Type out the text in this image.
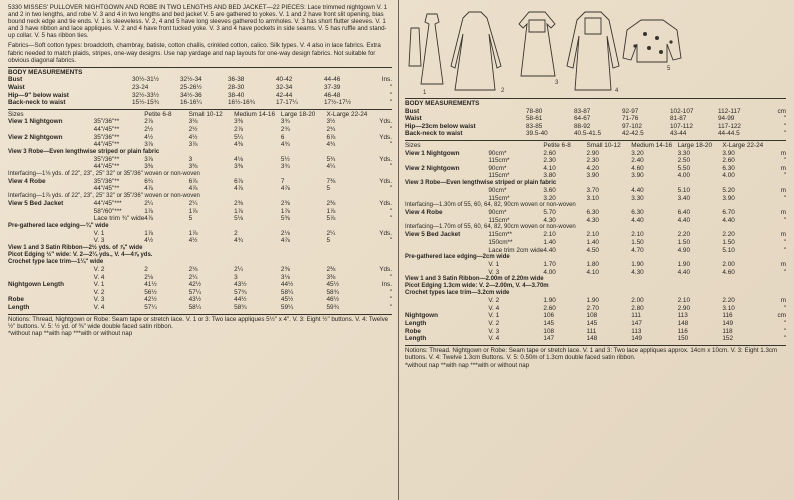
5330 MISSES' PULLOVER NIGHTGOWN AND ROBE IN TWO LENGTHS AND BED JACKET—22 PIECES: Lace trimmed nightgown V. 1 and 2 in two lengths, and robe V. 3 and 4 in two lengths and bed jacket V. 5 are gathered to yokes. V. 1 and 2 have front slit opening, bias bound neck edge and tie ends. V. 1 is sleeveless. V. 2, 4 and 5 have long sleeves gathered to armholes. V. 3 has short flutter sleeves. V. 1 and 3 have ribbon and lace appliques. V. 2 and 4 have front tucked yoke. V. 3 and 4 have pockets in side seams. V. 5 has ruffle and stand-up collar. V. 5 has ribbon ties.

Fabrics—Soft cotton types: broadcloth, chambray, batiste, cotton challis, crinkled cotton, calico. Silk types. V. 4 also in lace fabrics. Extra fabric needed to match plaids, stripes, one-way designs. Use nap yardage and nap layouts for one-way design fabrics. Not suitable for obvious diagonal fabrics.

BODY MEASUREMENTS						
Bust	30½-31½	32½-34	36-38	40-42	44-46	Ins.
Waist	23-24	25-26½	28-30	32-34	37-39	"
Hip—9" below waist	32½-33½	34½-36	38-40	42-44	46-48	"
Back-neck to waist	15½-15¾	16-16¼	16½-16¾	17-17¼	17½-17½	"
Sizes		Petite 6-8	Small 10-12	Medium 14-16	Large 18-20	X-Large 22-24	
View 1 Nightgown	35"/36"**	2⅞	3⅛	3⅜	3¾	3½	Yds.
	44"/45"**	2½	2½	2⅞	2¾	2¾	"
View 2 Nightgown	35"/36"**	4½	4½	5¼	6	6⅞	Yds.
	44"/45"**	3⅞	3⅞	4⅜	4¾	4¾	"
View 3 Robe—Even lengthwise striped or plain fabric							
	35"/36"**	3⅞	3	4⅛	5½	5¾	Yds.
	44"/45"**	3⅜	3⅜	3⅜	3¾	4¼	"
Interfacing—1⅛ yds. of 22", 23", 25" 32" or 35"/36" woven or non-woven							
View 4 Robe	35"/36"**	6¾	6⅞	6⅞	7	7⅜	Yds.
	44"/45"**	4⅞	4⅞	4⅞	4⅞	5	"
Interfacing—1⅞ yds. of 22", 23", 25" 32" or 35"/36" woven or non-woven							
View 5 Bed Jacket	44"/45"***	2¼	2¼	2⅜	2⅜	2⅜	Yds.
	58"/60"***	1⅞	1⅞	1⅞	1⅞	1⅞	"
	Lace trim ¾" wide	4⅞	5	5⅛	5⅜	5⅞	"
Pre-gathered lace edging—¾" wide							
	V. 1	1⅞	1⅞	2	2⅛	2¼	Yds.
	V. 3	4½	4½	4¾	4⅞	5	"
View 1 and 3 Satin Ribbon—2½ yds. of ⅞" wide							
Picot Edging ½" wide: V. 2—2¼ yds., V. 4—4⅞ yds.							
Crochet type lace trim—1¼" wide							
	V. 2	2	2⅛	2¼	2⅜	2⅜	Yds.
	V. 4	2⅛	2¼	3	3⅛	3⅜	"
Nightgown Length	V. 1	41½	42½	43½	44½	45½	Ins.
	V. 2	56½	57¼	57¾	58¼	58¾	"
Robe	V. 3	42½	43½	44½	45½	46½	"
Length	V. 4	57¼	58¼	58¾	59¼	59¾	"

Notions: Thread, Nightgown or Robe: Seam tape or stretch lace. V. 1 or 3: Two lace appliques 5½" x 4". V. 3: Eight ½" buttons. V. 4: Twelve ½" buttons. V. 5: ½ yd. of ⅜" wide double faced satin ribbon.

*without nap **with nap ***with or without nap

1	2
3
4
5
BODY MEASUREMENTS						
Bust	78-80	83-87	92-97	102-107	112-117	cm
Waist	58-61	64-67	71-76	81-87	94-99	"
Hip—23cm below waist	83-85	88-92	97-102	107-112	117-122	"
Back-neck to waist	39.5-40	40.5-41.5	42-42.5	43-44	44-44.5	"
Sizes		Petite 6-8	Small 10-12	Medium 14-16	Large 18-20	X-Large 22-24	
View 1 Nightgown	90cm*	2.60	2.90	3.20	3.30	3.90	m
	115cm*	2.30	2.30	2.40	2.50	2.60	"
View 2 Nightgown	90cm*	4.10	4.20	4.60	5.50	6.30	m
	115cm*	3.80	3.90	3.90	4.00	4.00	"
View 3 Robe—Even lengthwise striped or plain fabric							
	90cm*	3.60	3.70	4.40	5.10	5.20	m
	115cm*	3.20	3.10	3.30	3.40	3.90	"
Interfacing—1.30m of 55, 60, 64, 82, 90cm woven or non-woven							
View 4 Robe	90cm*	5.70	6.30	6.30	6.40	6.70	m
	115cm*	4.30	4.30	4.40	4.40	4.40	"
Interfacing—1.70m of 55, 60, 64, 82, 90cm woven or non-woven							
View 5 Bed Jacket	115cm**	2.10	2.10	2.10	2.20	2.20	m
	150cm**	1.40	1.40	1.50	1.50	1.50	"
	Lace trim 2cm wide	4.40	4.50	4.70	4.90	5.10	"
Pre-gathered lace edging—2cm wide							
	V. 1	1.70	1.80	1.90	1.90	2.00	m
	V. 3	4.00	4.10	4.30	4.40	4.60	"
View 1 and 3 Satin Ribbon—2.00m of 2.20m wide							
Picot Edging 1.3cm wide: V. 2—2.00m, V. 4—3.70m							
Crochet types lace trim—3.2cm wide							
	V. 2	1.90	1.90	2.00	2.10	2.20	m
	V. 4	2.60	2.70	2.80	2.90	3.10	"
Nightgown	V. 1	106	108	111	113	116	cm
Length	V. 2	145	145	147	148	149	"
Robe	V. 3	108	111	113	116	118	"
Length	V. 4	147	148	149	150	152	"

Notions: Thread. Nightgown or Robe: Seam tape or stretch lace. V. 1 and 3: Two lace appliques approx. 14cm x 10cm. V. 3: Eight 1.3cm buttons. V. 4: Twelve 1.3cm Buttons. V. 5: 0.50m of 1.3cm double faced satin ribbon.

*without nap **with nap ***with or without nap
